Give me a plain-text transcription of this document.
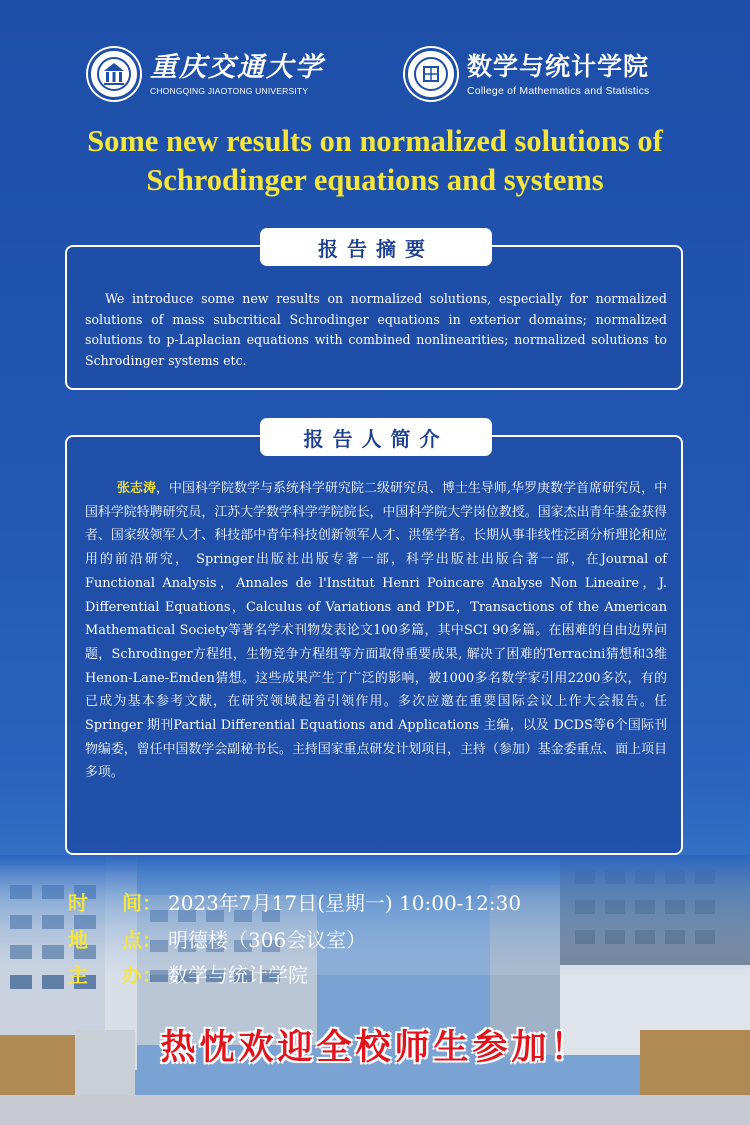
重庆交通大学
CHONGQING JIAOTONG UNIVERSITY
数学与统计学院
College of Mathematics and Statistics
Some new results on normalized solutions of
Schrodinger equations and systems
报告摘要
We introduce some new results on normalized solutions, especially for normalized solutions of mass subcritical Schrodinger equations in exterior domains; normalized solutions to p-Laplacian equations with combined nonlinearities; normalized solutions to Schrodinger systems etc.
报告人简介
张志涛，中国科学院数学与系统科学研究院二级研究员、博士生导师,华罗庚数学首席研究员，中国科学院特聘研究员，江苏大学数学科学学院院长，中国科学院大学岗位教授。国家杰出青年基金获得者、国家级领军人才、科技部中青年科技创新领军人才、洪堡学者。长期从事非线性泛函分析理论和应用的前沿研究， Springer出版社出版专著一部，科学出版社出版合著一部，在Journal of Functional Analysis，Annales de l'Institut Henri Poincare Analyse Non Lineaire，J. Differential Equations，Calculus of Variations and PDE，Transactions of the American Mathematical Society等著名学术刊物发表论文100多篇，其中SCI 90多篇。在困难的自由边界问题，Schrodinger方程组，生物竞争方程组等方面取得重要成果, 解决了困难的Terracini猜想和3维Henon-Lane-Emden猜想。这些成果产生了广泛的影响，被1000多名数学家引用2200多次，有的已成为基本参考文献，在研究领域起着引领作用。多次应邀在重要国际会议上作大会报告。任Springer 期刊Partial Differential Equations and Applications 主编，以及 DCDS等6个国际刊物编委，曾任中国数学会副秘书长。主持国家重点研发计划项目，主持（参加）基金委重点、面上项目多项。
时 间： 2023年7月17日(星期一) 10:00-12:30
地 点： 明德楼（306会议室）
主 办： 数学与统计学院
热忱欢迎全校师生参加！
